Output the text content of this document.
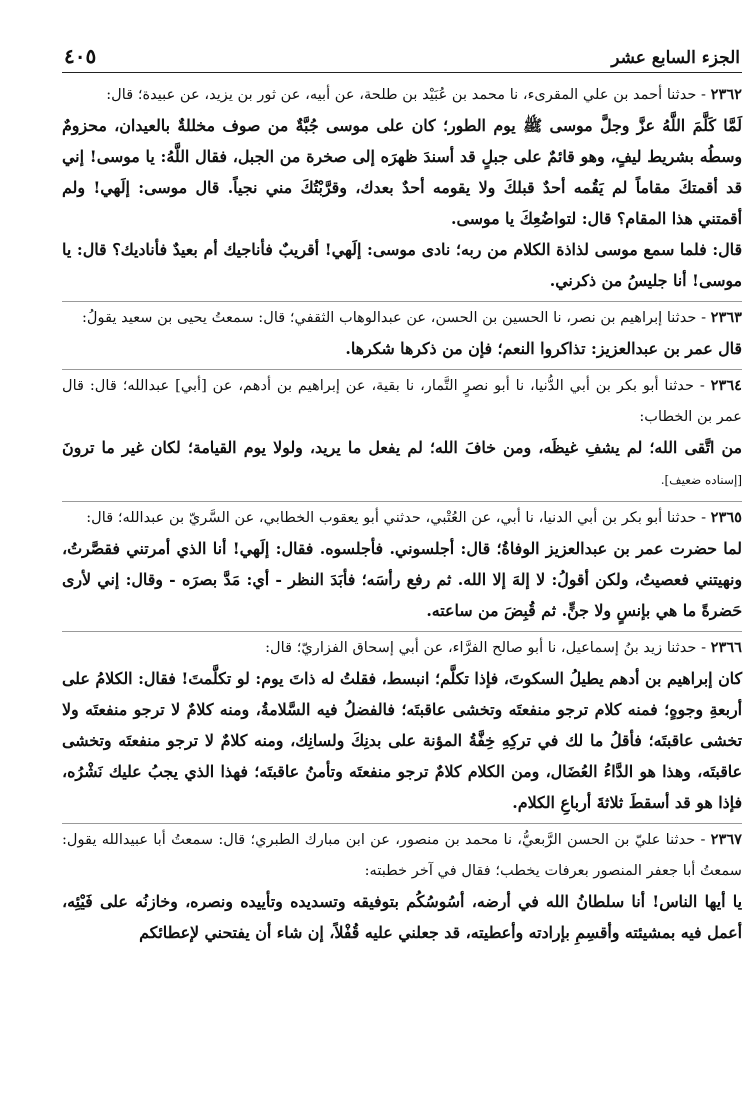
الجزء السابع عشر
٤٠٥

٢٣٦٢ - حدثنا أحمد بن علي المقرىء، نا محمد بن عُبَيْد بن طلحة، عن أبيه، عن ثور بن يزيد، عن عبيدة؛ قال:

لَمَّا كَلَّمَ اللَّهُ عزَّ وجلَّ موسى ﷺ يوم الطور؛ كان على موسى جُبَّةٌ من صوف مخللةٌ بالعيدان، محزومٌ وسطُه بشريط ليفٍ، وهو قائمٌ على جبلٍ قد أسندَ ظهرَه إلى صخرة من الجبل، فقال اللَّهُ: يا موسى! إني قد أقمتكَ مقاماً لم يَقُمه أحدٌ قبلكَ ولا يقومه أحدٌ بعدك، وقرَّبْتُكَ مني نجياً. قال موسى: إلَهي! ولم أقمتني هذا المقام؟ قال: لتواضُعِكَ يا موسى.

قال: فلما سمع موسى لذاذة الكلام من ربه؛ نادى موسى: إلَهي! أقريبٌ فأناجيك أم بعيدٌ فأناديك؟ قال: يا موسى! أنا جليسُ من ذكرني.

٢٣٦٣ - حدثنا إبراهيم بن نصر، نا الحسين بن الحسن، عن عبدالوهاب الثقفي؛ قال: سمعتُ يحيى بن سعيد يقولُ:

قال عمر بن عبدالعزيز: تذاكروا النعم؛ فإن من ذكرها شكرها.

٢٣٦٤ - حدثنا أبو بكر بن أبي الدُّنيا، نا أبو نصرٍ التَّمار، نا بقية، عن إبراهيم بن أدهم، عن [أبي] عبدالله؛ قال: قال عمر بن الخطاب:

من اتَّقى الله؛ لم يشفِ غيظَه، ومن خافَ الله؛ لم يفعل ما يريد، ولولا يوم القيامة؛ لكان غير ما ترونَ [إسناده ضعيف].

٢٣٦٥ - حدثنا أبو بكر بن أبي الدنيا، نا أبي، عن العُتْبي، حدثني أبو يعقوب الخطابي، عن السَّريّ بن عبدالله؛ قال:

لما حضرت عمر بن عبدالعزيز الوفاةُ؛ قال: أجلسوني. فأجلسوه. فقال: إلَهي! أنا الذي أمرتني فقصَّرتُ، ونهيتني فعصيتُ، ولكن أقولُ: لا إلهَ إلا الله. ثم رفع رأسَه؛ فأبَدَ النظر - أي: مَدَّ بصرَه - وقال: إني لأرى حَضرةً ما هي بإنسٍ ولا جنٍّ. ثم قُبِضَ من ساعته.

٢٣٦٦ - حدثنا زيد بنُ إسماعيل، نا أبو صالح الفرَّاء، عن أبي إسحاق الفزاريّ؛ قال:

كان إبراهيم بن أدهم يطيلُ السكوتَ، فإذا تكلَّم؛ انبسط، فقلتُ له ذاتَ يوم: لو تكلَّمتَ! فقال: الكلامُ على أربعةِ وجوهٍ؛ فمنه كلام ترجو منفعتَه وتخشى عاقبتَه؛ فالفضلُ فيه السَّلامةُ، ومنه كلامٌ لا ترجو منفعتَه ولا تخشى عاقبتَه؛ فأقلُ ما لك في تركِهِ خِفَّةُ المؤنة على بدنِكَ ولسانِك، ومنه كلامٌ لا ترجو منفعتَه وتخشى عاقبتَه، وهذا هو الدَّاءُ العُضَال، ومن الكلام كلامٌ ترجو منفعتَه وتأمنُ عاقبتَه؛ فهذا الذي يجبُ عليك نَشْرُه، فإذا هو قد أسقطَ ثلاثةَ أرباعِ الكلام.

٢٣٦٧ - حدثنا عليّ بن الحسن الرَّبعيُّ، نا محمد بن منصور، عن ابن مبارك الطبري؛ قال: سمعتُ أبا عبيدالله يقول: سمعتُ أبا جعفر المنصور بعرفات يخطب؛ فقال في آخر خطبته:

يا أيها الناس! أنا سلطانُ الله في أرضه، أسُوسُكُم بتوفيقه وتسديده وتأييده ونصره، وخازنُه على فَيْئِه، أعمل فيه بمشيئته وأقسِمِ بإرادته وأعطيته، قد جعلني عليه قُفْلاً، إن شاء أن يفتحني لإعطائكم
